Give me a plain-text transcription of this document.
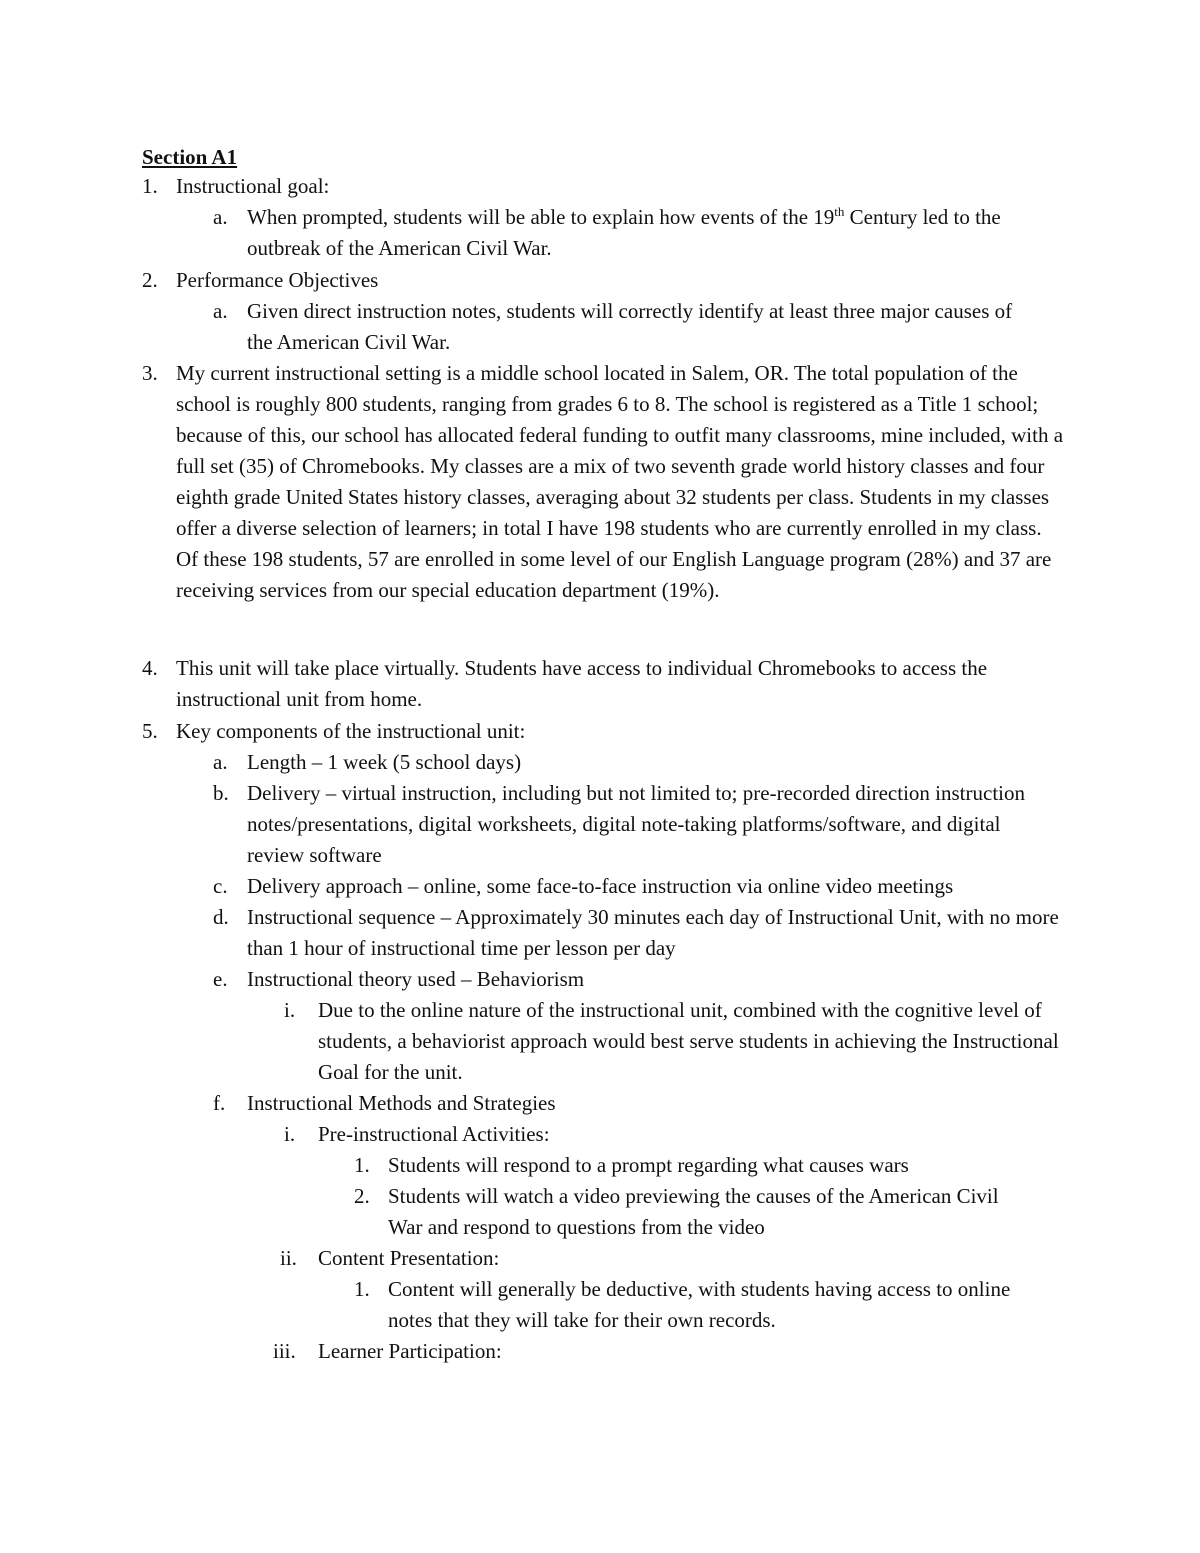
Section A1
1. Instructional goal:
a. When prompted, students will be able to explain how events of the 19th Century led to the outbreak of the American Civil War.
2. Performance Objectives
a. Given direct instruction notes, students will correctly identify at least three major causes of the American Civil War.
3. My current instructional setting is a middle school located in Salem, OR. The total population of the school is roughly 800 students, ranging from grades 6 to 8. The school is registered as a Title 1 school; because of this, our school has allocated federal funding to outfit many classrooms, mine included, with a full set (35) of Chromebooks. My classes are a mix of two seventh grade world history classes and four eighth grade United States history classes, averaging about 32 students per class. Students in my classes offer a diverse selection of learners; in total I have 198 students who are currently enrolled in my class. Of these 198 students, 57 are enrolled in some level of our English Language program (28%) and 37 are receiving services from our special education department (19%).
4. This unit will take place virtually. Students have access to individual Chromebooks to access the instructional unit from home.
5. Key components of the instructional unit:
a. Length – 1 week (5 school days)
b. Delivery – virtual instruction, including but not limited to; pre-recorded direction instruction notes/presentations, digital worksheets, digital note-taking platforms/software, and digital review software
c. Delivery approach – online, some face-to-face instruction via online video meetings
d. Instructional sequence – Approximately 30 minutes each day of Instructional Unit, with no more than 1 hour of instructional time per lesson per day
e. Instructional theory used – Behaviorism
i.	Due to the online nature of the instructional unit, combined with the cognitive level of students, a behaviorist approach would best serve students in achieving the Instructional Goal for the unit.
f.	Instructional Methods and Strategies
i.	Pre-instructional Activities:
1. Students will respond to a prompt regarding what causes wars
2. Students will watch a video previewing the causes of the American Civil War and respond to questions from the video
ii.	Content Presentation:
1. Content will generally be deductive, with students having access to online notes that they will take for their own records.
iii.	Learner Participation:
